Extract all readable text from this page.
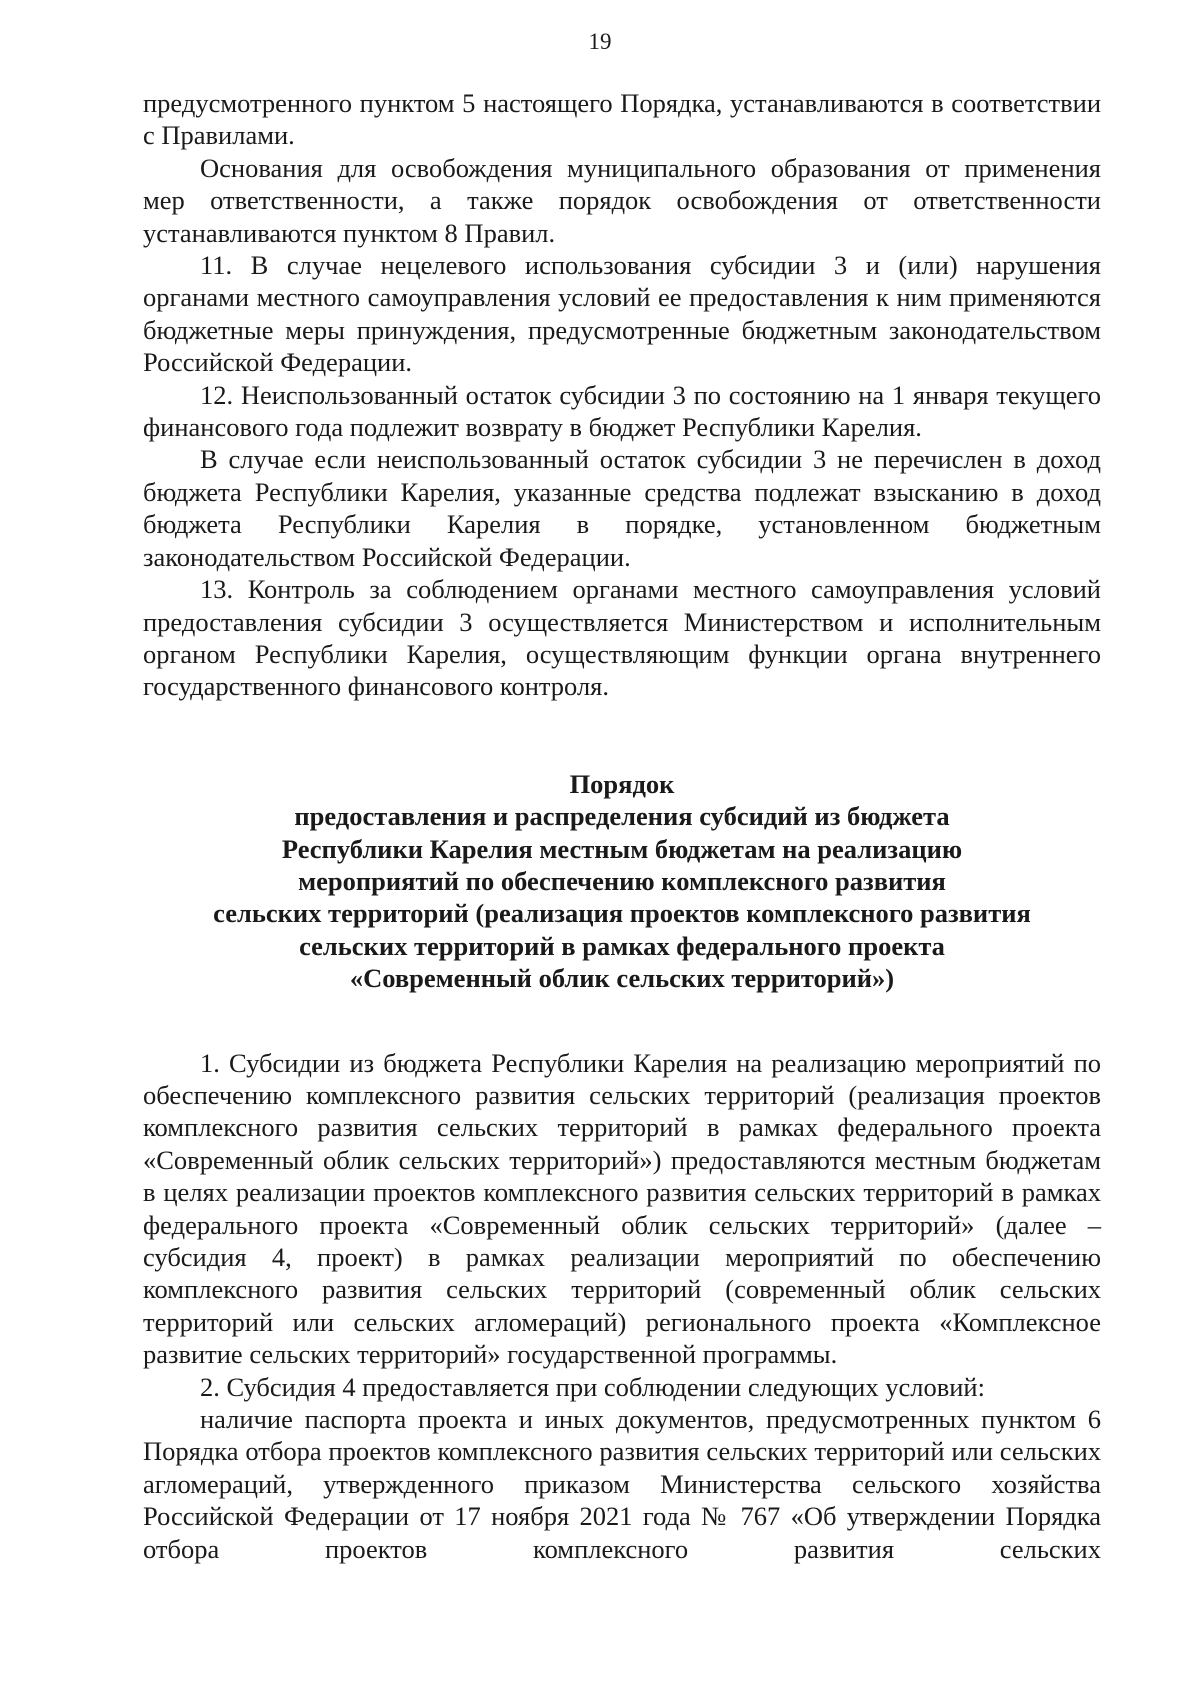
19

предусмотренного пунктом 5 настоящего Порядка, устанавливаются в соответствии с Правилами.

Основания для освобождения муниципального образования от применения мер ответственности, а также порядок освобождения от ответственности устанавливаются пунктом 8 Правил.

11. В случае нецелевого использования субсидии 3 и (или) нарушения органами местного самоуправления условий ее предоставления к ним применяются бюджетные меры принуждения, предусмотренные бюджетным законодательством Российской Федерации.

12. Неиспользованный остаток субсидии 3 по состоянию на 1 января текущего финансового года подлежит возврату в бюджет Республики Карелия.

В случае если неиспользованный остаток субсидии 3 не перечислен в доход бюджета Республики Карелия, указанные средства подлежат взысканию в доход бюджета Республики Карелия в порядке, установленном бюджетным законодательством Российской Федерации.

13. Контроль за соблюдением органами местного самоуправления условий предоставления субсидии 3 осуществляется Министерством и исполнительным органом Республики Карелия, осуществляющим функции органа внутреннего государственного финансового контроля.

Порядок
предоставления и распределения субсидий из бюджета
Республики Карелия местным бюджетам на реализацию
мероприятий по обеспечению комплексного развития
сельских территорий (реализация проектов комплексного развития
сельских территорий в рамках федерального проекта
«Современный облик сельских территорий»)

1. Субсидии из бюджета Республики Карелия на реализацию мероприятий по обеспечению комплексного развития сельских территорий (реализация проектов комплексного развития сельских территорий в рамках федерального проекта «Современный облик сельских территорий») предоставляются местным бюджетам в целях реализации проектов комплексного развития сельских территорий в рамках федерального проекта «Современный облик сельских территорий» (далее – субсидия 4, проект) в рамках реализации мероприятий по обеспечению комплексного развития сельских территорий (современный облик сельских территорий или сельских агломераций) регионального проекта «Комплексное развитие сельских территорий» государственной программы.

2. Субсидия 4 предоставляется при соблюдении следующих условий:

наличие паспорта проекта и иных документов, предусмотренных пунктом 6 Порядка отбора проектов комплексного развития сельских территорий или сельских агломераций, утвержденного приказом Министерства сельского хозяйства Российской Федерации от 17 ноября 2021 года № 767 «Об утверждении Порядка отбора проектов комплексного развития сельских
